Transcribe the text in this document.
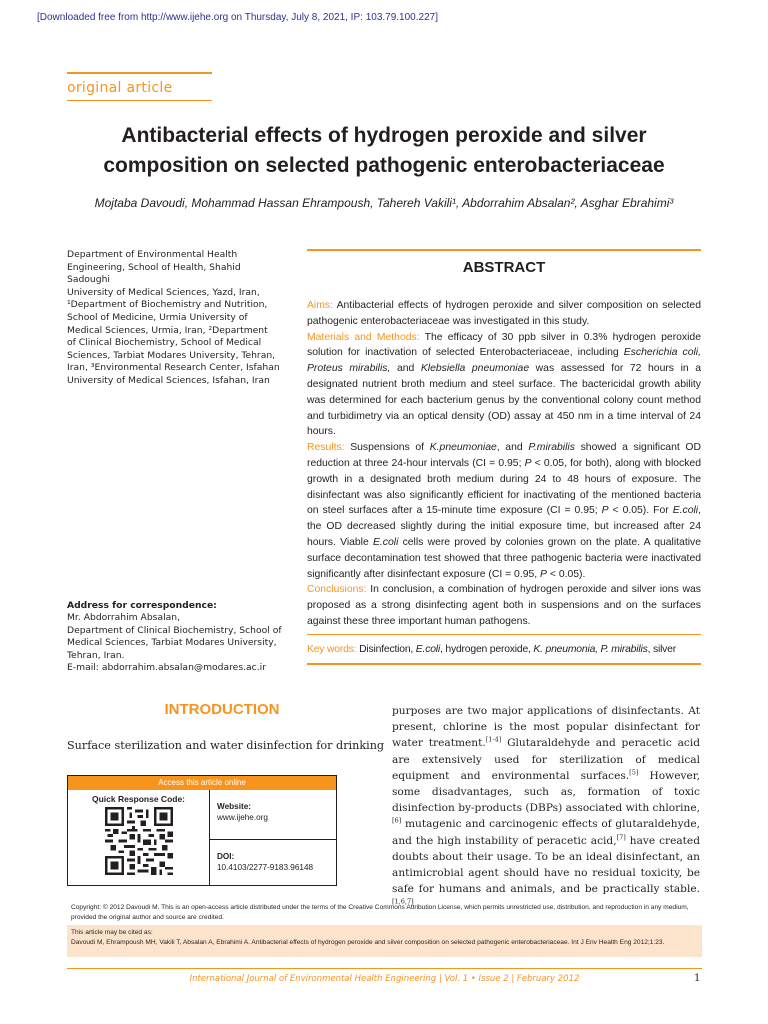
[Downloaded free from http://www.ijehe.org on Thursday, July 8, 2021, IP: 103.79.100.227]
original article
Antibacterial effects of hydrogen peroxide and silver
composition on selected pathogenic enterobacteriaceae
Mojtaba Davoudi, Mohammad Hassan Ehrampoush, Tahereh Vakili¹, Abdorrahim Absalan², Asghar Ebrahimi³
Department of Environmental Health
Engineering, School of Health, Shahid Sadoughi
University of Medical Sciences, Yazd, Iran,
¹Department of Biochemistry and Nutrition,
School of Medicine, Urmia University of
Medical Sciences, Urmia, Iran, ²Department
of Clinical Biochemistry, School of Medical
Sciences, Tarbiat Modares University, Tehran,
Iran, ³Environmental Research Center, Isfahan
University of Medical Sciences, Isfahan, Iran
Address for correspondence:
Mr. Abdorrahim Absalan,
Department of Clinical Biochemistry, School of
Medical Sciences, Tarbiat Modares University,
Tehran, Iran.
E-mail: abdorrahim.absalan@modares.ac.ir
ABSTRACT

Aims: Antibacterial effects of hydrogen peroxide and silver composition on selected pathogenic enterobacteriaceae was investigated in this study.

Materials and Methods: The efficacy of 30 ppb silver in 0.3% hydrogen peroxide solution for inactivation of selected Enterobacteriaceae, including Escherichia coli, Proteus mirabilis, and Klebsiella pneumoniae was assessed for 72 hours in a designated nutrient broth medium and steel surface. The bactericidal growth ability was determined for each bacterium genus by the conventional colony count method and turbidimetry via an optical density (OD) assay at 450 nm in a time interval of 24 hours.

Results: Suspensions of K.pneumoniae, and P.mirabilis showed a significant OD reduction at three 24-hour intervals (CI = 0.95; P < 0.05, for both), along with blocked growth in a designated broth medium during 24 to 48 hours of exposure. The disinfectant was also significantly efficient for inactivating of the mentioned bacteria on steel surfaces after a 15-minute time exposure (CI = 0.95; P < 0.05). For E.coli, the OD decreased slightly during the initial exposure time, but increased after 24 hours. Viable E.coli cells were proved by colonies grown on the plate. A qualitative surface decontamination test showed that three pathogenic bacteria were inactivated significantly after disinfectant exposure (CI = 0.95, P < 0.05).

Conclusions: In conclusion, a combination of hydrogen peroxide and silver ions was proposed as a strong disinfecting agent both in suspensions and on the surfaces against these three important human pathogens.

Key words: Disinfection, E.coli, hydrogen peroxide, K. pneumonia, P. mirabilis, silver
INTRODUCTION
Surface sterilization and water disinfection for drinking
Access this article online
Quick Response Code:
Website:
www.ijehe.org
DOI:
10.4103/2277-9183.96148
purposes are two major applications of disinfectants. At present, chlorine is the most popular disinfectant for water treatment.[1-4] Glutaraldehyde and peracetic acid are extensively used for sterilization of medical equipment and environmental surfaces.[5] However, some disadvantages, such as, formation of toxic disinfection by-products (DBPs) associated with chlorine,[6] mutagenic and carcinogenic effects of glutaraldehyde, and the high instability of peracetic acid,[7] have created doubts about their usage. To be an ideal disinfectant, an antimicrobial agent should have no residual toxicity, be safe for humans and animals, and be practically stable.[1,6,7]
Copyright: © 2012 Davoudi M. This is an open-access article distributed under the terms of the Creative Commons Attribution License, which permits unrestricted use, distribution, and reproduction in any medium, provided the original author and source are credited.
This article may be cited as:
Davoudi M, Ehrampoush MH, Vakili T, Absalan A, Ebrahimi A. Antibacterial effects of hydrogen peroxide and silver composition on selected pathogenic enterobacteriaceae. Int J Env Health Eng 2012;1:23.
International Journal of Environmental Health Engineering | Vol. 1 • Issue 2 | February 2012	1
